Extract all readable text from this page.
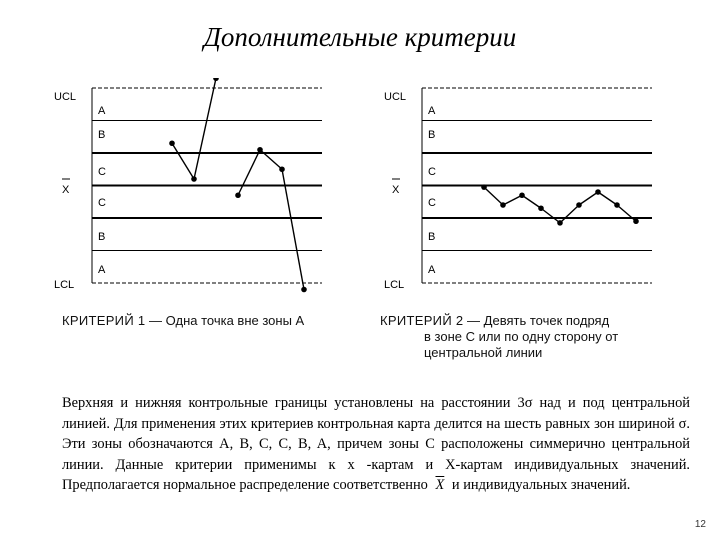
Дополнительные критерии
UCL
X
LCL
A
B
C
C
B
A
UCL
X
LCL
A
B
C
C
B
A
КРИТЕРИЙ 1 — Одна точка вне зоны А	КРИТЕРИЙ 2 — Девять точек подряд
в зоне C или по одну сторону от
центральной линии
Верхняя и нижняя контрольные границы установлены на расстоянии 3σ над и под центральной линией. Для применения этих критериев контрольная карта делится на шесть равных зон шириной σ. Эти зоны обозначаются A, B, C, C, B, A, причем зоны C расположены симмерично центральной линии. Данные критерии применимы к x -картам и X-картам индивидуальных значений. Предполагается нормальное распределение соответственно $\overline{X}$ и индивидуальных значений.
12
